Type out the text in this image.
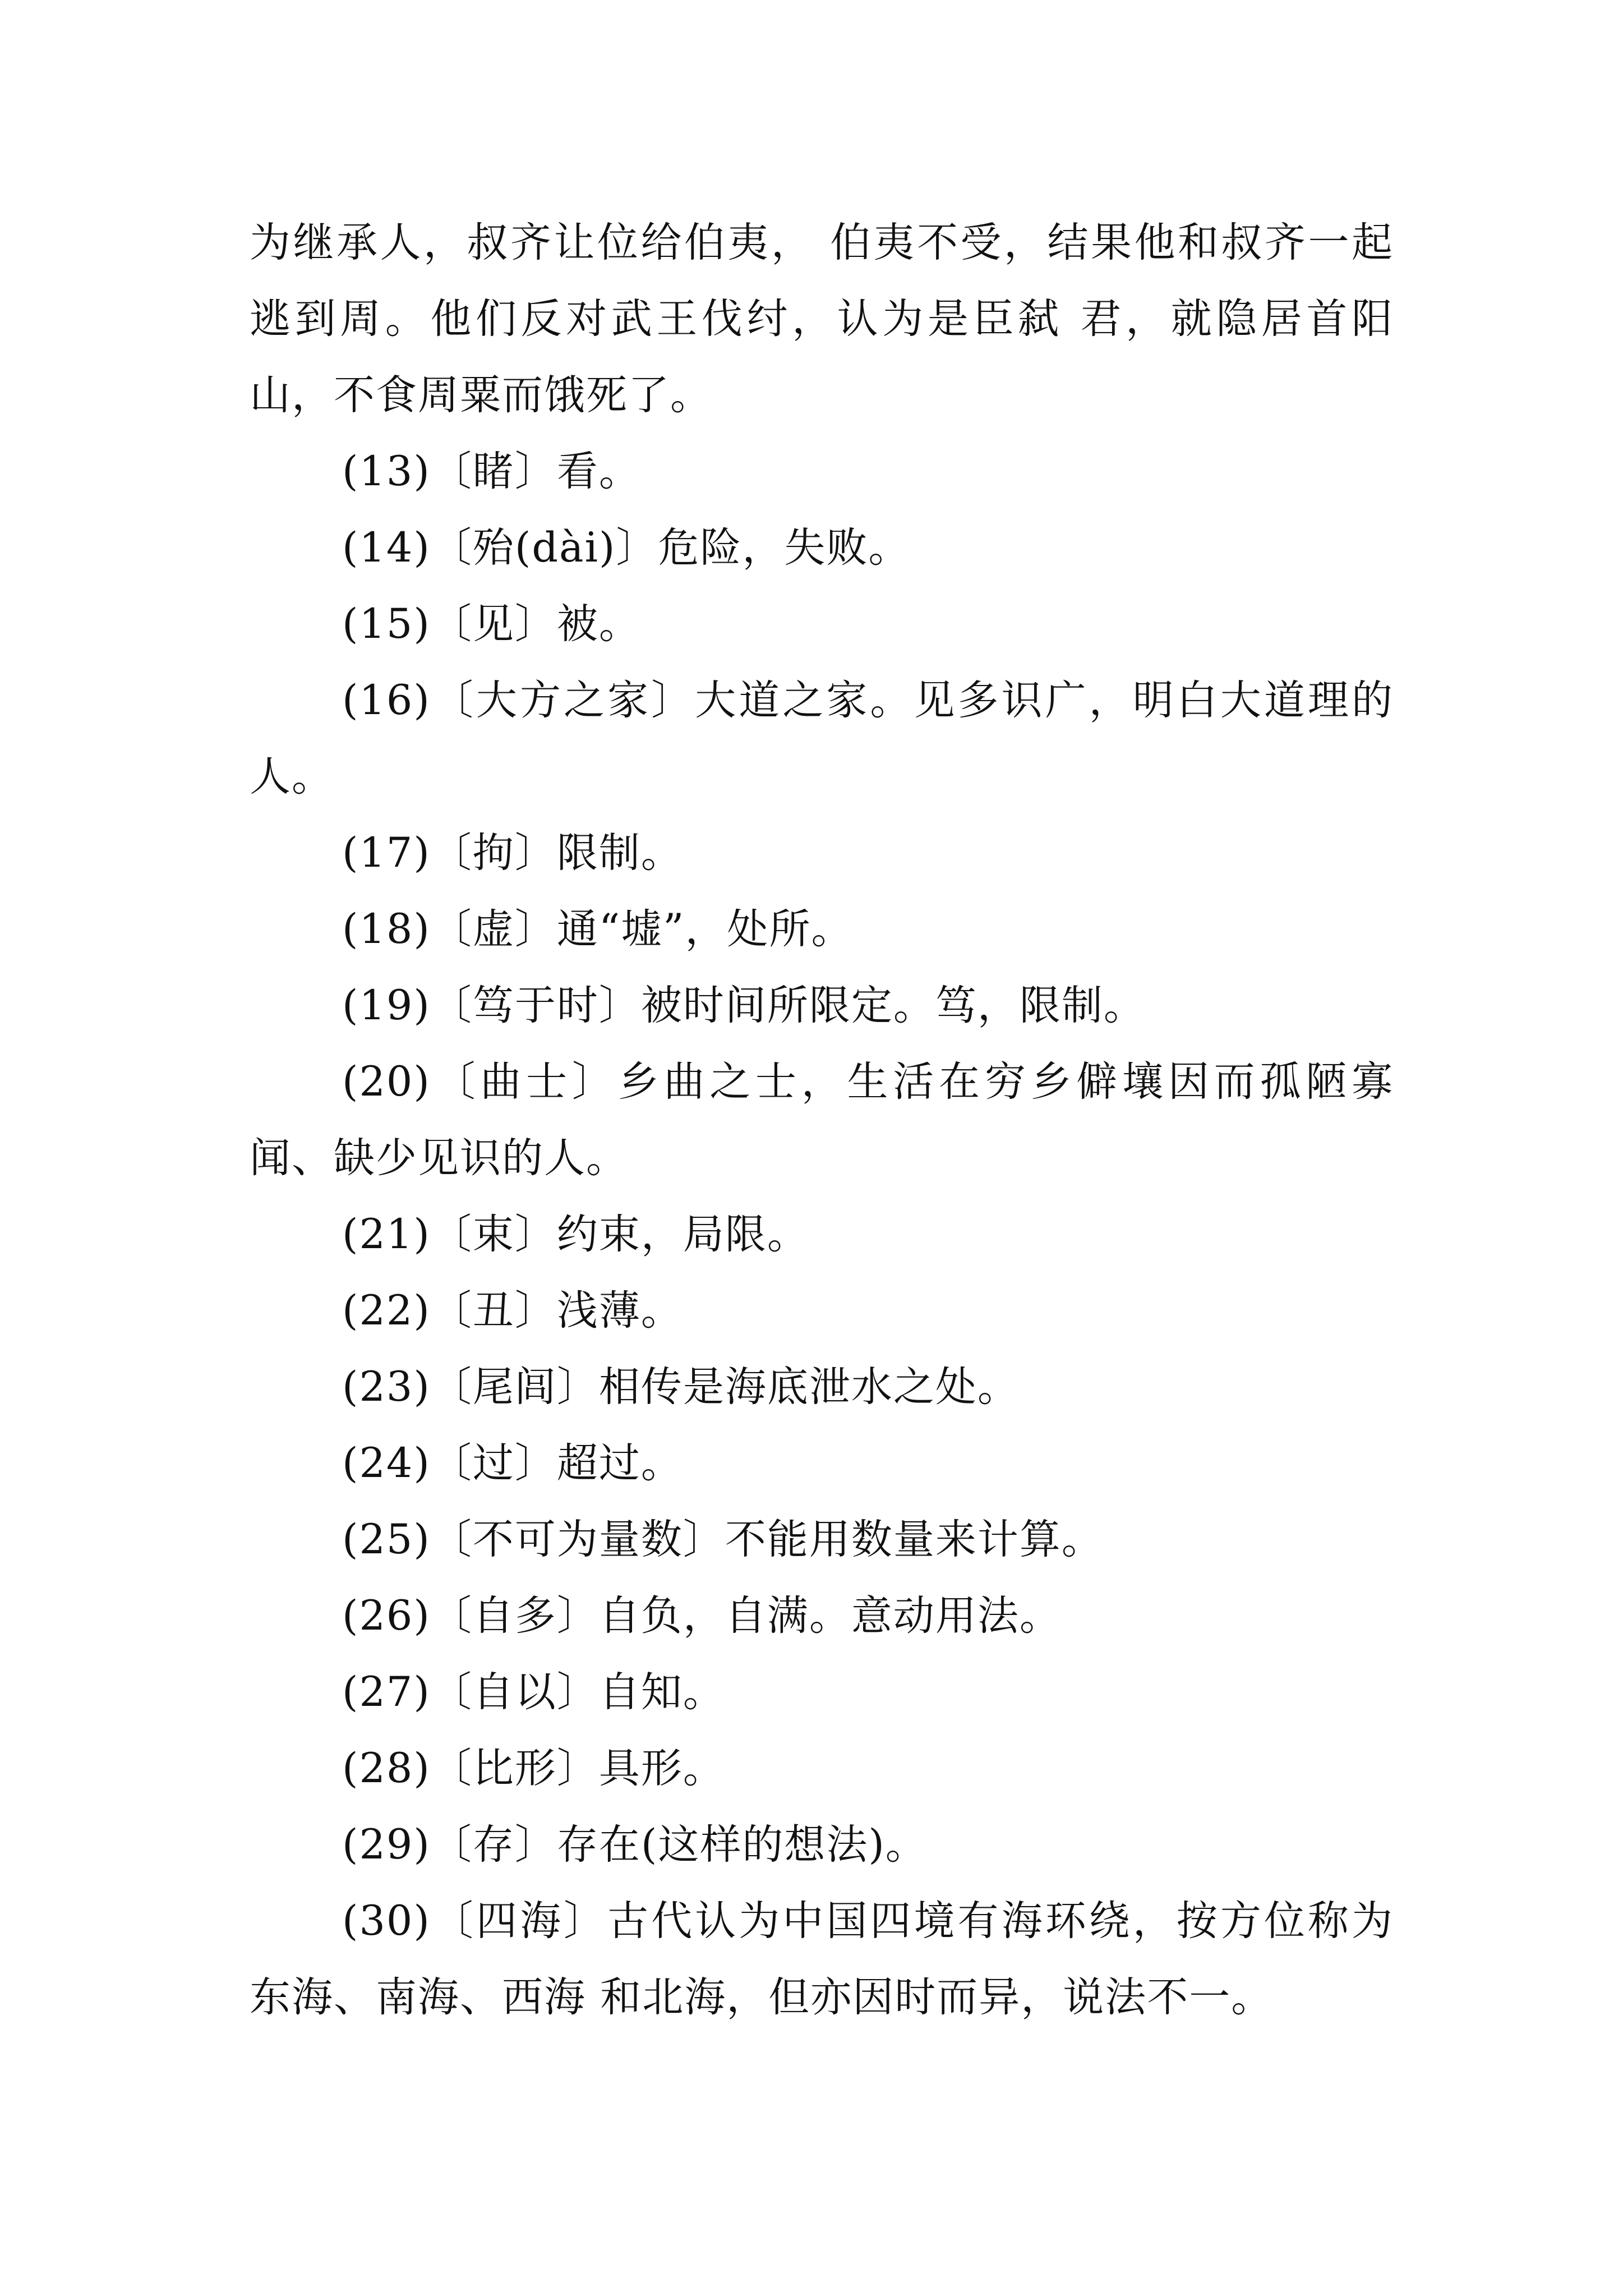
为继承人，叔齐让位给伯夷， 伯夷不受，结果他和叔齐一起逃到周。他们反对武王伐纣，认为是臣弑 君，就隐居首阳山，不食周粟而饿死了。

(13)〔睹〕看。

(14)〔殆(dài)〕危险，失败。

(15)〔见〕被。

(16)〔大方之家〕大道之家。见多识广，明白大道理的人。

(17)〔拘〕限制。

(18)〔虚〕通“墟”，处所。

(19)〔笃于时〕被时间所限定。笃，限制。

(20)〔曲士〕乡曲之士，生活在穷乡僻壤因而孤陋寡闻、缺少见识的人。

(21)〔束〕约束，局限。

(22)〔丑〕浅薄。

(23)〔尾闾〕相传是海底泄水之处。

(24)〔过〕超过。

(25)〔不可为量数〕不能用数量来计算。

(26)〔自多〕自负，自满。意动用法。

(27)〔自以〕自知。

(28)〔比形〕具形。

(29)〔存〕存在(这样的想法)。

(30)〔四海〕古代认为中国四境有海环绕，按方位称为东海、南海、西海 和北海，但亦因时而异，说法不一。
